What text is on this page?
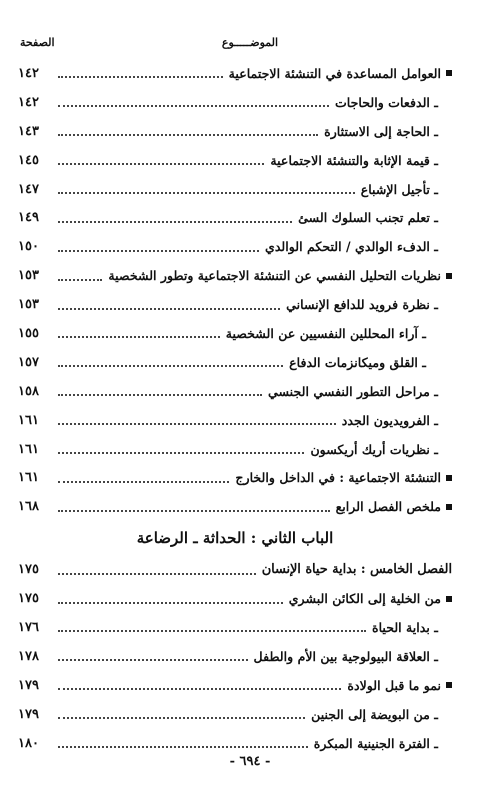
الصفحة	الموضـــــوع
العوامل المساعدة في التنشئة الاجتماعية
١٤٢
ـ الدفعات والحاجات
١٤٢
ـ الحاجة إلى الاستثارة
١٤٣
ـ قيمة الإثابة والتنشئة الاجتماعية
١٤٥
ـ تأجيل الإشباع
١٤٧
ـ تعلم تجنب السلوك السئ
١٤٩
ـ الدفء الوالدي / التحكم الوالدي
١٥٠
نظريات التحليل النفسي عن التنشئة الاجتماعية وتطور الشخصية
١٥٣
ـ نظرة فرويد للدافع الإنساني
١٥٣
ـ آراء المحللين النفسيين عن الشخصية
١٥٥
ـ القلق وميكانزمات الدفاع
١٥٧
ـ مراحل التطور النفسي الجنسي
١٥٨
ـ الفرويديون الجدد
١٦١
ـ نظريات أريك أريكسون
١٦١
التنشئة الاجتماعية : في الداخل والخارج
١٦١
ملخص الفصل الرابع
١٦٨
الباب الثاني : الحداثة ـ الرضاعة
الفصل الخامس : بداية حياة الإنسان
١٧٥
من الخلية إلى الكائن البشري
١٧٥
ـ بداية الحياة
١٧٦
ـ العلاقة البيولوجية بين الأم والطفل
١٧٨
نمو ما قبل الولادة
١٧٩
ـ من البويضة إلى الجنين
١٧٩
ـ الفترة الجنينية المبكرة
١٨٠
- ٦٩٤ -
